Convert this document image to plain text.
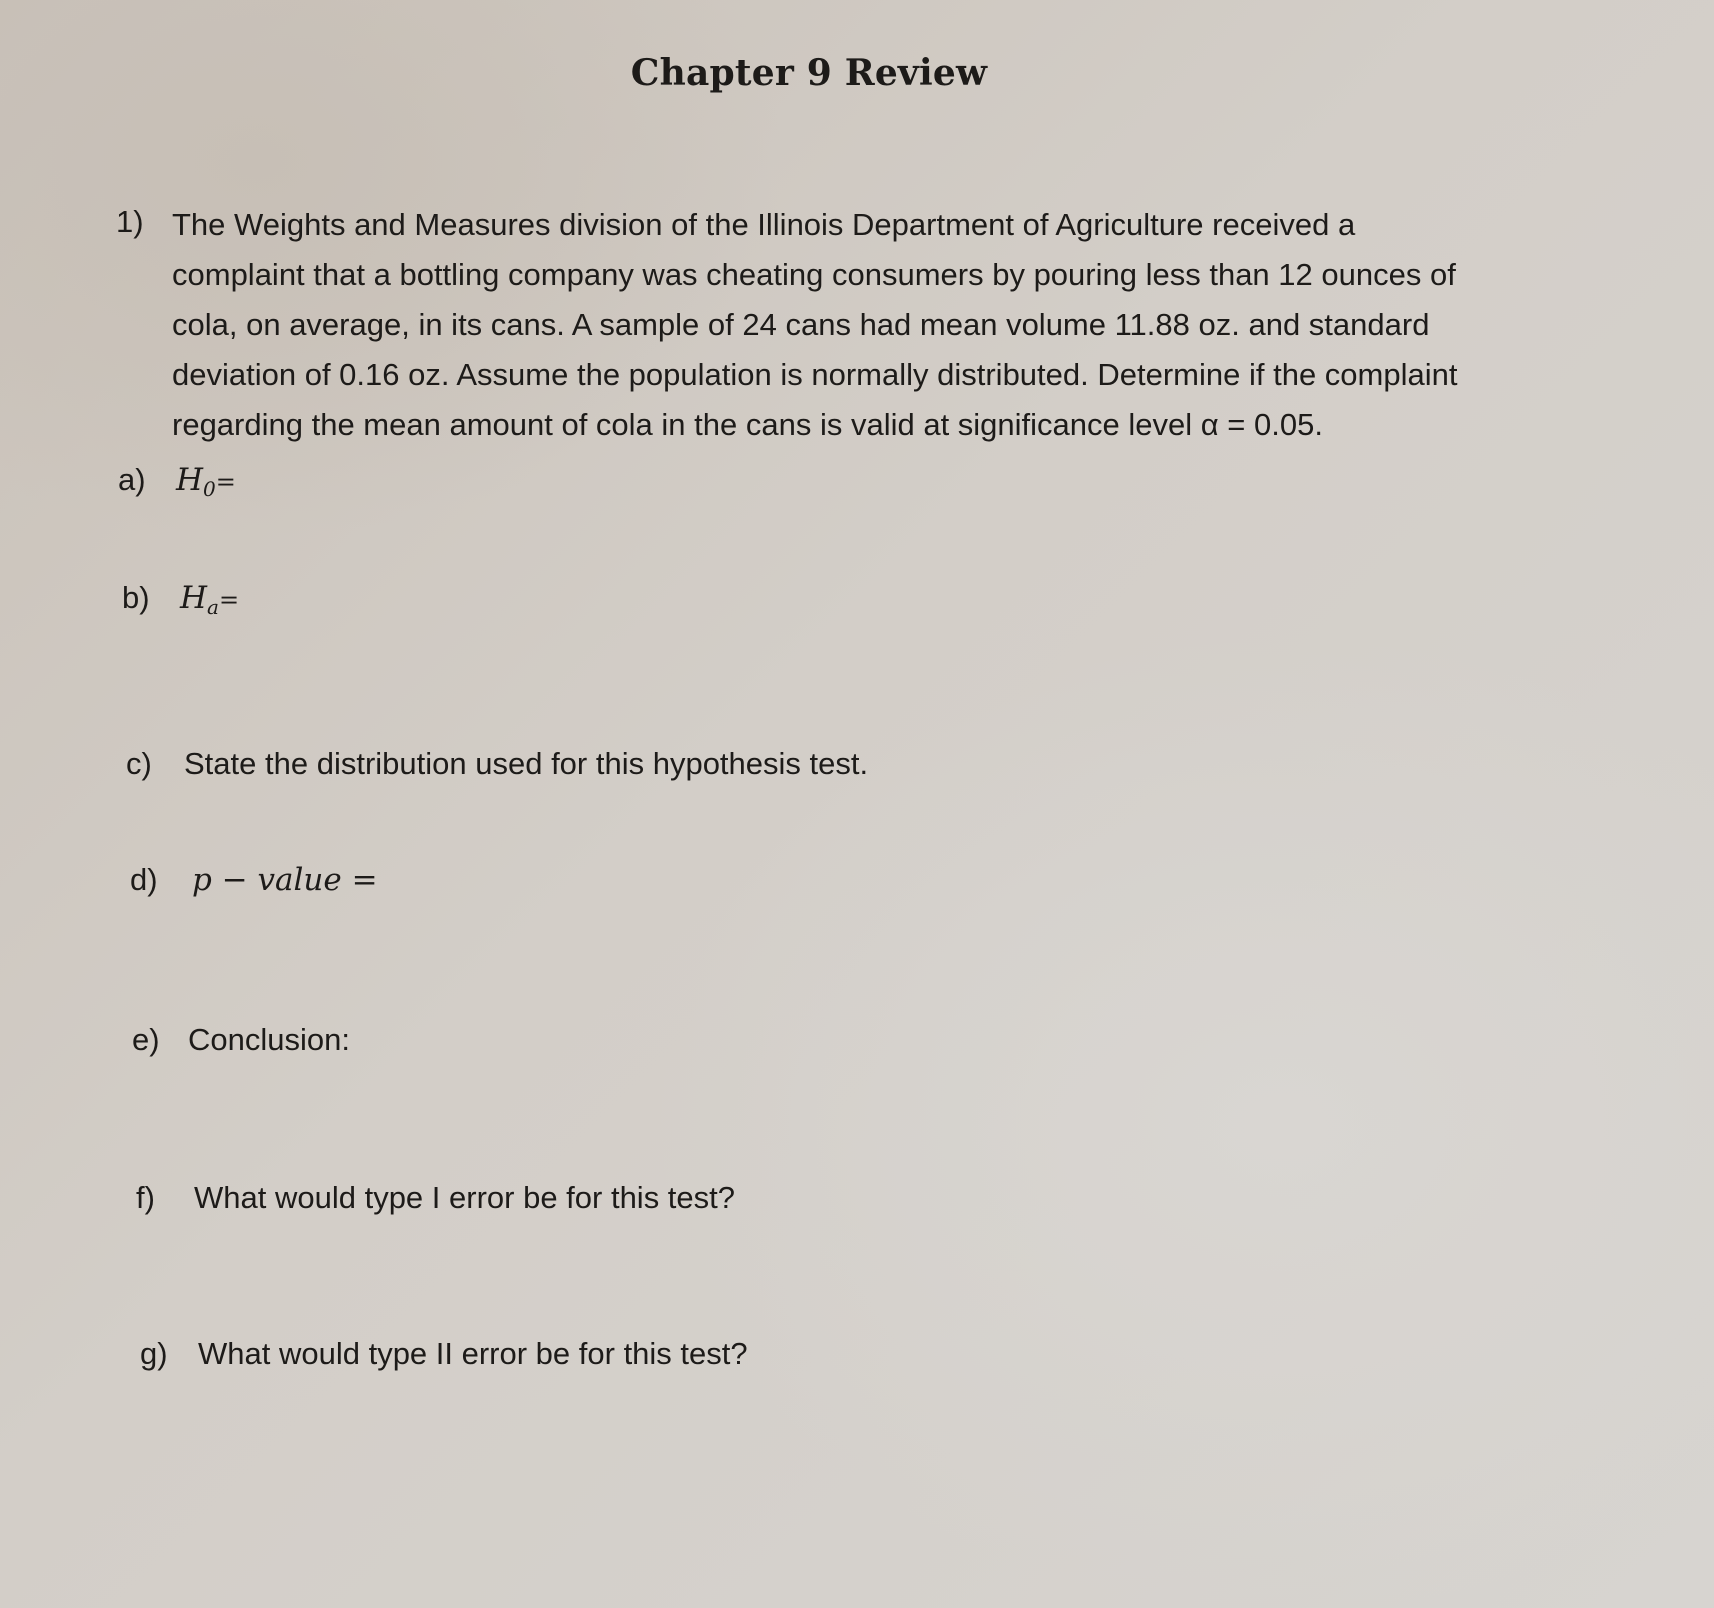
Chapter 9 Review
1) The Weights and Measures division of the Illinois Department of Agriculture received a
complaint that a bottling company was cheating consumers by pouring less than 12 ounces of
cola, on average, in its cans. A sample of 24 cans had mean volume 11.88 oz. and standard
deviation of 0.16 oz. Assume the population is normally distributed. Determine if the complaint
regarding the mean amount of cola in the cans is valid at significance level α = 0.05.
a) $H_0=$
b) $H_a=$
c) State the distribution used for this hypothesis test.
d) p − value =
e) Conclusion:
f) What would type I error be for this test?
g) What would type II error be for this test?
